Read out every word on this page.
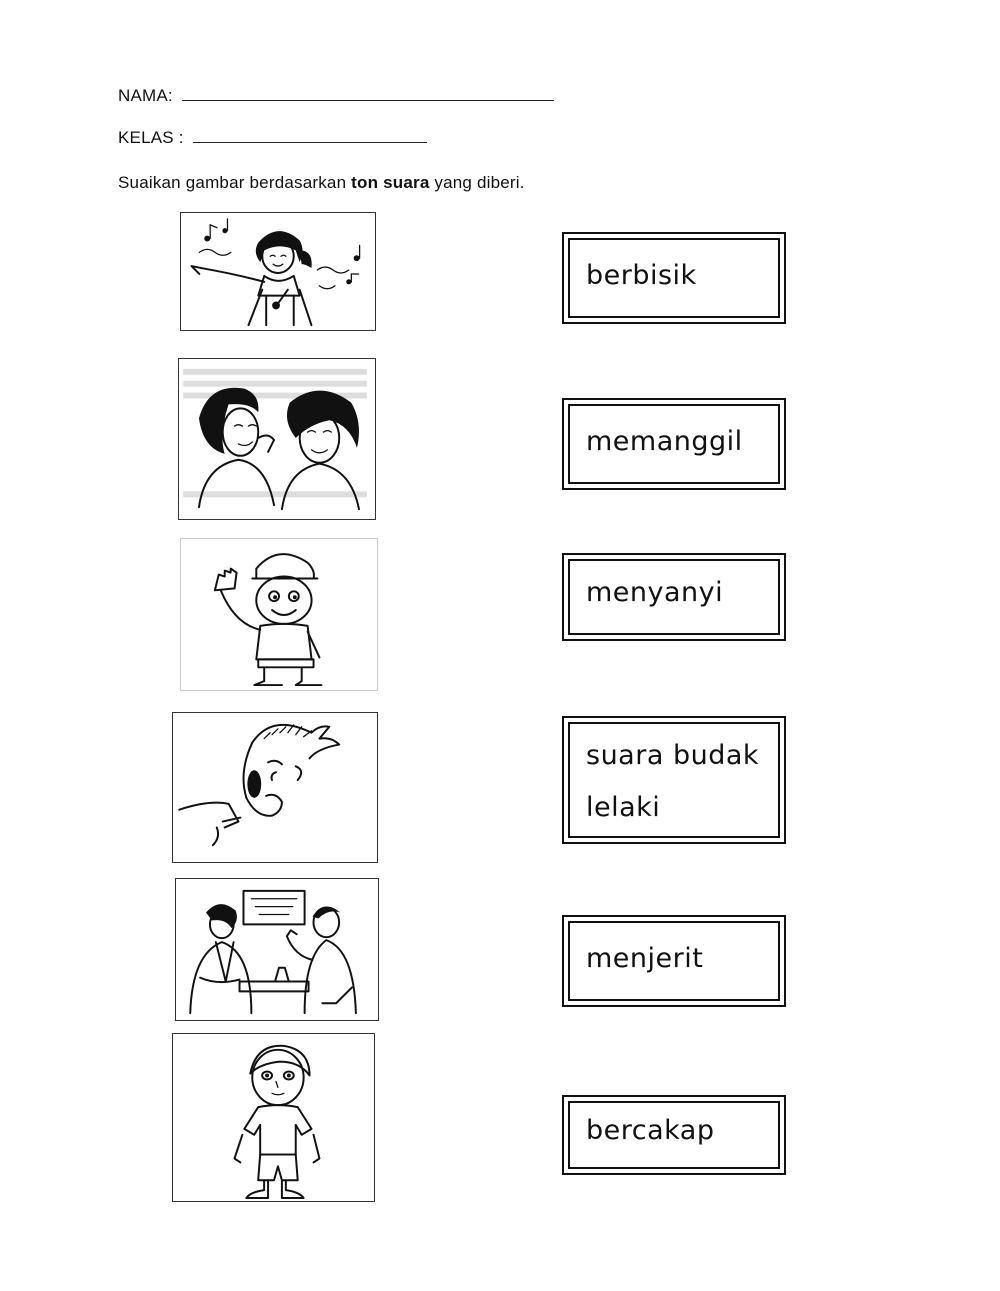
NAMA:
KELAS :
Suaikan gambar berdasarkan ton suara yang diberi.
berbisik
memanggil
menyanyi
suara budak
lelaki
menjerit
bercakap
